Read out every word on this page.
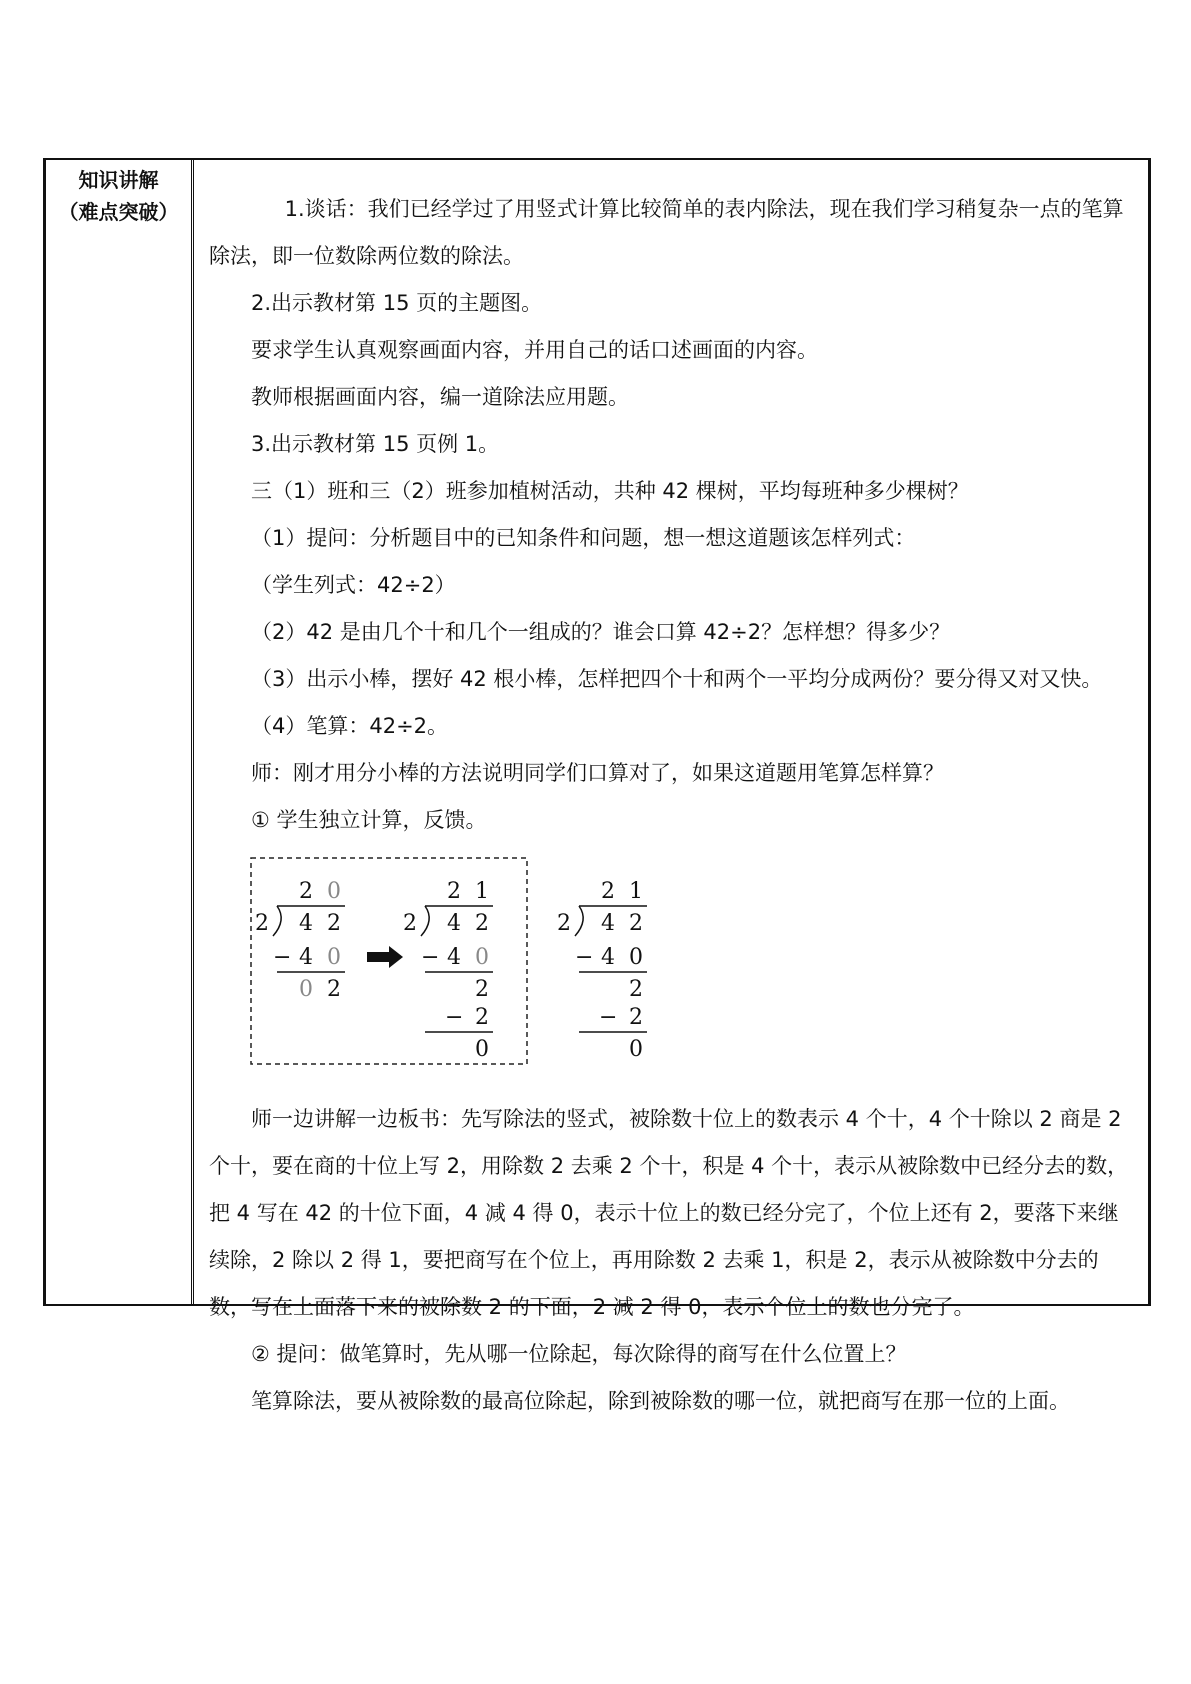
知识讲解
（难点突破）	1.谈话：我们已经学过了用竖式计算比较简单的表内除法，现在我们学习稍复杂一点的笔算除法，即一位数除两位数的除法。

2.出示教材第 15 页的主题图。

要求学生认真观察画面内容，并用自己的话口述画面的内容。

教师根据画面内容，编一道除法应用题。

3.出示教材第 15 页例 1。

三（1）班和三（2）班参加植树活动，共种 42 棵树，平均每班种多少棵树？

（1）提问：分析题目中的已知条件和问题，想一想这道题该怎样列式：

（学生列式：42÷2）

（2）42 是由几个十和几个一组成的？谁会口算 42÷2？怎样想？得多少？

（3）出示小棒，摆好 42 根小棒，怎样把四个十和两个一平均分成两份？要分得又对又快。

（4）笔算：42÷2。

师：刚才用分小棒的方法说明同学们口算对了，如果这道题用笔算怎样算？

① 学生独立计算，反馈。

2 0
2 4 2
− 4 0
0 2
2 1
2 4 2
− 4 0
2
− 2
0
2 1
2 4 2
− 4 0
2
− 2
0

师一边讲解一边板书：先写除法的竖式，被除数十位上的数表示 4 个十，4 个十除以 2 商是 2 个十，要在商的十位上写 2，用除数 2 去乘 2 个十，积是 4 个十，表示从被除数中已经分去的数，把 4 写在 42 的十位下面，4 减 4 得 0，表示十位上的数已经分完了，个位上还有 2，要落下来继续除，2 除以 2 得 1，要把商写在个位上，再用除数 2 去乘 1，积是 2，表示从被除数中分去的数，写在上面落下来的被除数 2 的下面，2 减 2 得 0，表示个位上的数也分完了。

② 提问：做笔算时，先从哪一位除起，每次除得的商写在什么位置上？

笔算除法，要从被除数的最高位除起，除到被除数的哪一位，就把商写在那一位的上面。
